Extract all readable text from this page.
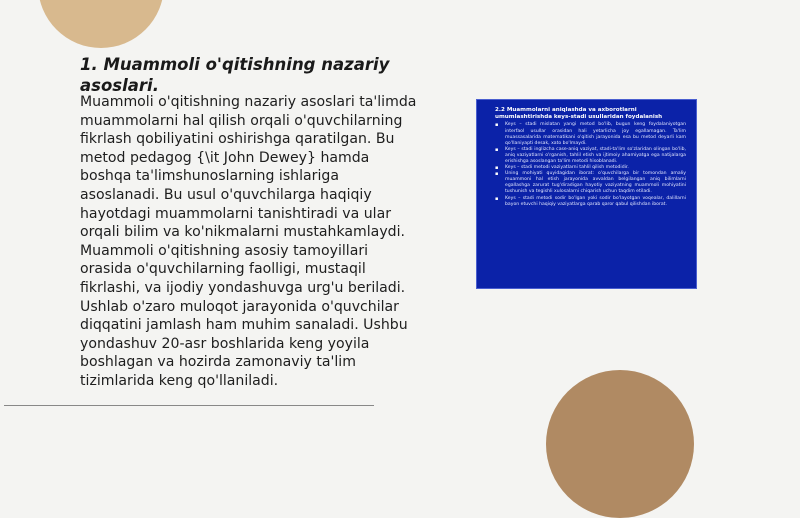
1. Muammoli o'qitishning nazariy asoslari.

Muammoli o'qitishning nazariy asoslari ta'limda muammolarni hal qilish orqali o'quvchilarning fikrlash qobiliyatini oshirishga qaratilgan. Bu metod pedagog {\it John Dewey} hamda boshqa ta'limshunoslarning ishlariga asoslanadi. Bu usul o'quvchilarga haqiqiy hayotdagi muammolarni tanishtiradi va ular orqali bilim va ko'nikmalarni mustahkamlaydi. Muammoli o'qitishning asosiy tamoyillari orasida o'quvchilarning faolligi, mustaqil fikrlashi, va ijodiy yondashuvga urg'u beriladi. Ushlab o'zaro muloqot jarayonida o'quvchilar diqqatini jamlash ham muhim sanaladi. Ushbu yondashuv 20-asr boshlarida keng yoyila boshlagan va hozirda zamonaviy ta'lim tizimlarida keng qo'llaniladi.

2.2 Muammolarni aniqlashda va axborotlarni umumlashtirishda keys-stadi usullaridan foydalanish
▪ Keys – stadi mislatan yangi metod bo'lib, bugun keng foydalaniyotgan interfaol usullar orasidan hali yetarlicha joy egallamagan. Ta'lim muassasalarida matematikani o'qitish jarayonida esa bu metod deyarli kam qo'llaniyapti desak, xato bo'lmaydi.
▪ Keys – stadi inglizcha case-aniq vaziyat, stadi-ta'lim so'zlaridan olingan bo'lib, aniq vaziyatlarni o'rganish, tahlil etish va ijtimoiy ahamiyatga ega natijalarga erishishga asoslangan ta'lim metodi hisoblanadi.
▪ Keys – stadi metodi vaziyatlarni tahlil qilish metodidir.
▪ Uning mohiyati quyidagidan iborat: o'quvchilarga bir tomondan amaliy muammoni hal etish jarayonida avvaldan belgilangan aniq bilimlarni egallashga zarurat tug'diradigan hayotiy vaziyatning muammoli mohiyatini tushunish va tegishli xulosalarni chiqarish uchun taqdim etiladi.
▪ Keys – stadi metodi sodir bo'lgan yoki sodir bo'layotgan voqealar, dalillarni bayon etuvchi haqiqiy vaziyatlarga qarab qaror qabul qilishdan iborat.
